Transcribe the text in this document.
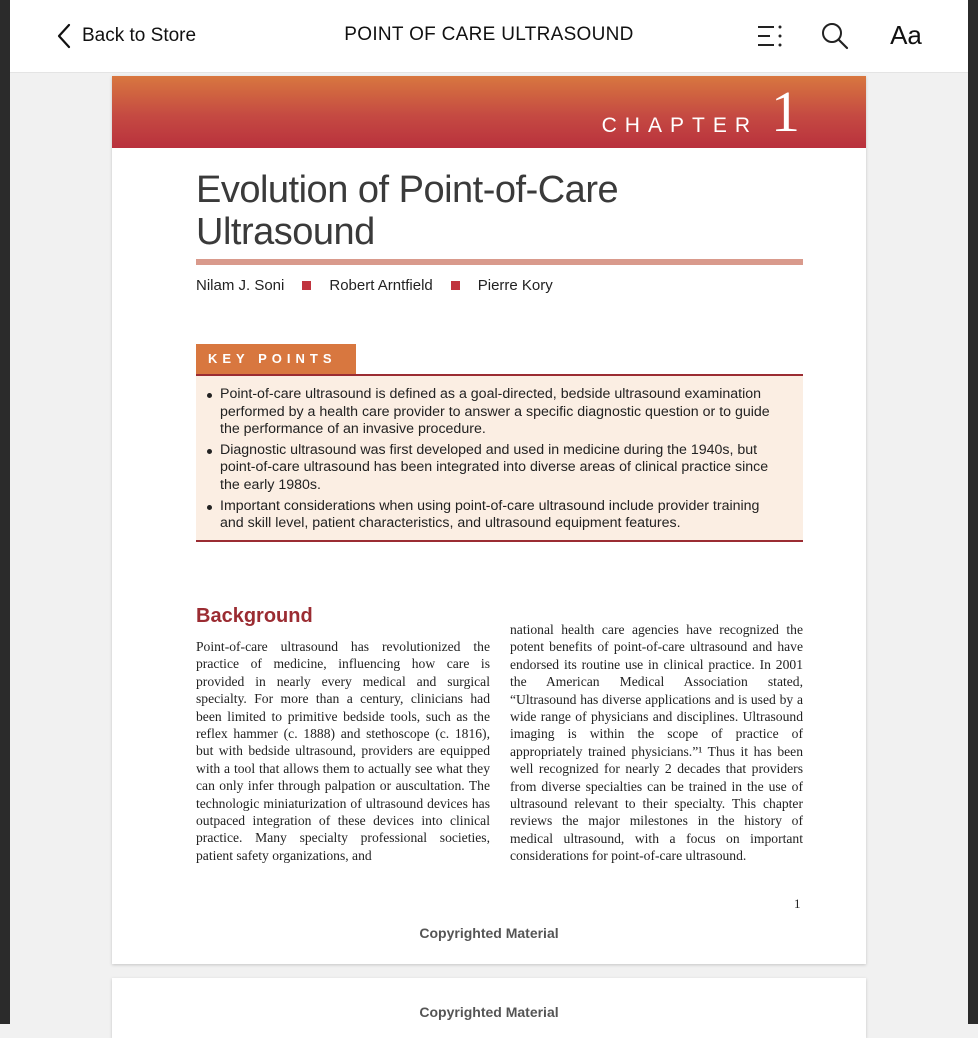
Back to Store	POINT OF CARE ULTRASOUND	Aa
CHAPTER 1
Evolution of Point-of-Care Ultrasound
Nilam J. Soni	Robert Arntfield	Pierre Kory
KEY POINTS
Point-of-care ultrasound is defined as a goal-directed, bedside ultrasound examination performed by a health care provider to answer a specific diagnostic question or to guide the performance of an invasive procedure.
Diagnostic ultrasound was first developed and used in medicine during the 1940s, but point-of-care ultrasound has been integrated into diverse areas of clinical practice since the early 1980s.
Important considerations when using point-of-care ultrasound include provider training and skill level, patient characteristics, and ultrasound equipment features.
Background
Point-of-care ultrasound has revolutionized the practice of medicine, influencing how care is provided in nearly every medical and surgical specialty. For more than a century, clinicians had been limited to primitive bedside tools, such as the reflex hammer (c. 1888) and stethoscope (c. 1816), but with bedside ultrasound, providers are equipped with a tool that allows them to actually see what they can only infer through palpation or auscultation. The technologic miniaturization of ultrasound devices has outpaced integration of these devices into clinical practice. Many specialty professional societies, patient safety organizations, and
national health care agencies have recognized the potent benefits of point-of-care ultrasound and have endorsed its routine use in clinical practice. In 2001 the American Medical Association stated, “Ultrasound has diverse applications and is used by a wide range of physicians and disciplines. Ultrasound imaging is within the scope of practice of appropriately trained physicians.”¹ Thus it has been well recognized for nearly 2 decades that providers from diverse specialties can be trained in the use of ultrasound relevant to their specialty. This chapter reviews the major milestones in the history of medical ultrasound, with a focus on important considerations for point-of-care ultrasound.
1
Copyrighted Material
Copyrighted Material
